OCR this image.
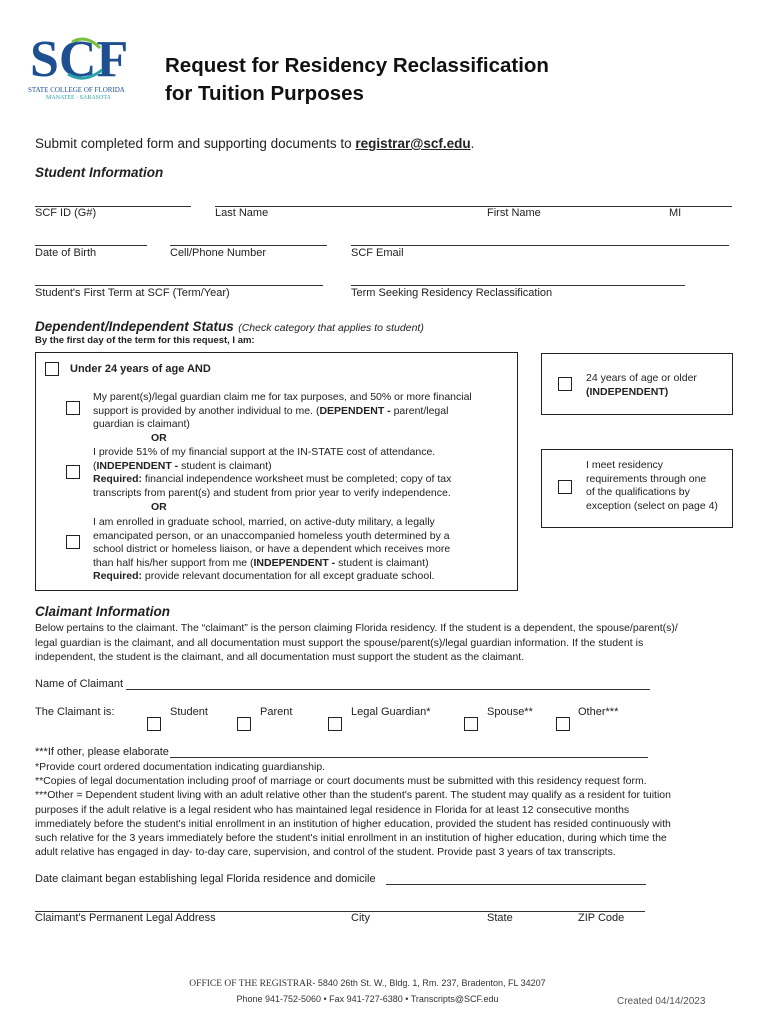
SCF
STATE COLLEGE OF FLORIDA
MANATEE · SARASOTA
Request for Residency Reclassification
for Tuition Purposes
Submit completed form and supporting documents to registrar@scf.edu.
Student Information
SCF ID (G#)	Last Name	First Name	MI
Date of Birth	Cell/Phone Number	SCF Email
Student's First Term at SCF (Term/Year)	Term Seeking Residency Reclassification
Dependent/Independent Status (Check category that applies to student)
By the first day of the term for this request, I am:
Under 24 years of age AND
My parent(s)/legal guardian claim me for tax purposes, and 50% or more financial
support is provided by another individual to me. (DEPENDENT - parent/legal
guardian is claimant)
OR
I provide 51% of my financial support at the IN-STATE cost of attendance.
(INDEPENDENT - student is claimant)
Required: financial independence worksheet must be completed; copy of tax
transcripts from parent(s) and student from prior year to verify independence.
OR
I am enrolled in graduate school, married, on active-duty military, a legally
emancipated person, or an unaccompanied homeless youth determined by a
school district or homeless liaison, or have a dependent which receives more
than half his/her support from me (INDEPENDENT - student is claimant)
Required: provide relevant documentation for all except graduate school.
24 years of age or older
(INDEPENDENT)
I meet residency
requirements through one
of the qualifications by
exception (select on page 4)
Claimant Information
Below pertains to the claimant. The “claimant” is the person claiming Florida residency. If the student is a dependent, the spouse/parent(s)/
legal guardian is the claimant, and all documentation must support the spouse/parent(s)/legal guardian information. If the student is
independent, the student is the claimant, and all documentation must support the student as the claimant.
Name of Claimant
The Claimant is:	Student	Parent	Legal Guardian*	Spouse**	Other***
***If other, please elaborate
*Provide court ordered documentation indicating guardianship.
**Copies of legal documentation including proof of marriage or court documents must be submitted with this residency request form.
***Other = Dependent student living with an adult relative other than the student's parent. The student may qualify as a resident for tuition
purposes if the adult relative is a legal resident who has maintained legal residence in Florida for at least 12 consecutive months
immediately before the student's initial enrollment in an institution of higher education, provided the student has resided continuously with
such relative for the 3 years immediately before the student's initial enrollment in an institution of higher education, during which time the
adult relative has engaged in day- to-day care, supervision, and control of the student. Provide past 3 years of tax transcripts.
Date claimant began establishing legal Florida residence and domicile
Claimant's Permanent Legal Address	City	State	ZIP Code
OFFICE OF THE REGISTRAR- 5840 26th St. W., Bldg. 1, Rm. 237, Bradenton, FL 34207
Phone 941-752-5060 • Fax 941-727-6380 • Transcripts@SCF.edu	Created 04/14/2023
